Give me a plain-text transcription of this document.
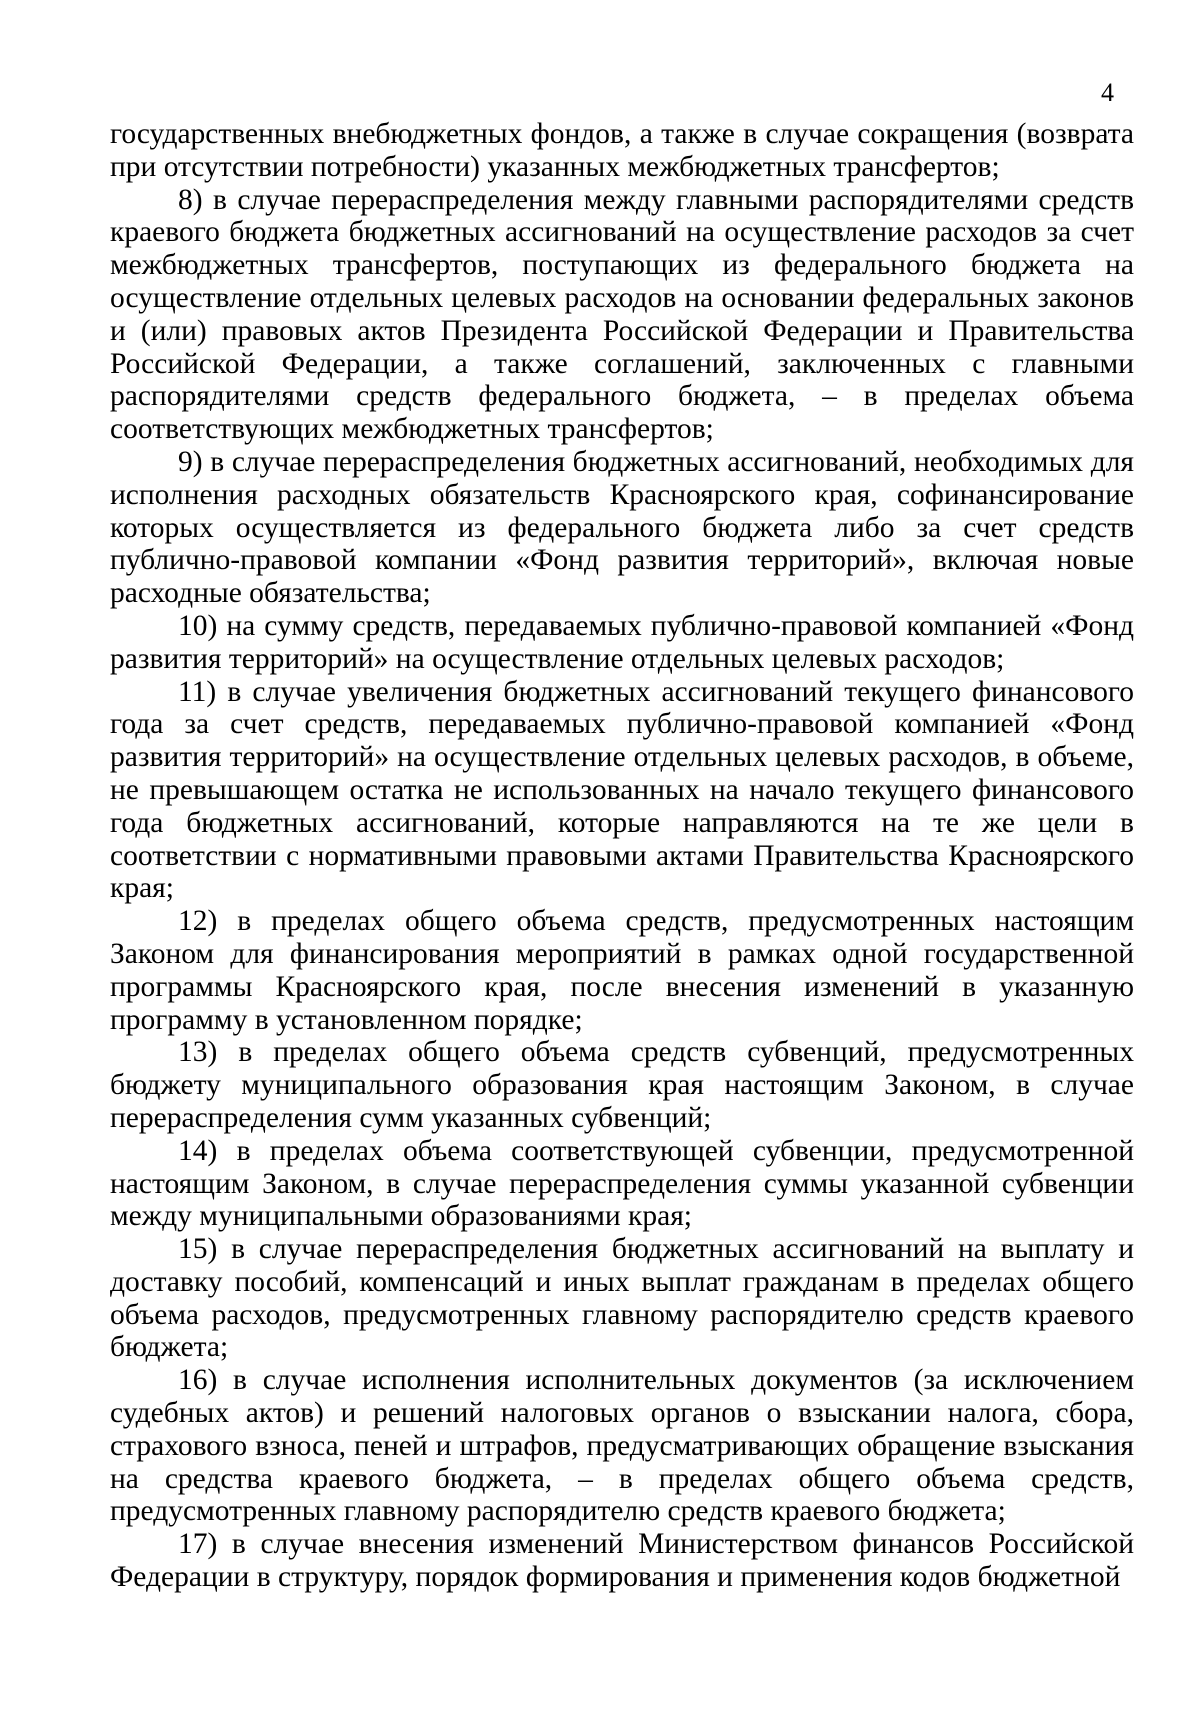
4

государственных внебюджетных фондов, а также в случае сокращения (возврата при отсутствии потребности) указанных межбюджетных трансфертов;

8) в случае перераспределения между главными распорядителями средств краевого бюджета бюджетных ассигнований на осуществление расходов за счет межбюджетных трансфертов, поступающих из федерального бюджета на осуществление отдельных целевых расходов на основании федеральных законов и (или) правовых актов Президента Российской Федерации и Правительства Российской Федерации, а также соглашений, заключенных с главными распорядителями средств федерального бюджета, – в пределах объема соответствующих межбюджетных трансфертов;

9) в случае перераспределения бюджетных ассигнований, необходимых для исполнения расходных обязательств Красноярского края, софинансирование которых осуществляется из федерального бюджета либо за счет средств публично-правовой компании «Фонд развития территорий», включая новые расходные обязательства;

10) на сумму средств, передаваемых публично-правовой компанией «Фонд развития территорий» на осуществление отдельных целевых расходов;

11) в случае увеличения бюджетных ассигнований текущего финансового года за счет средств, передаваемых публично-правовой компанией «Фонд развития территорий» на осуществление отдельных целевых расходов, в объеме, не превышающем остатка не использованных на начало текущего финансового года бюджетных ассигнований, которые направляются на те же цели в соответствии с нормативными правовыми актами Правительства Красноярского края;

12) в пределах общего объема средств, предусмотренных настоящим Законом для финансирования мероприятий в рамках одной государственной программы Красноярского края, после внесения изменений в указанную программу в установленном порядке;

13) в пределах общего объема средств субвенций, предусмотренных бюджету муниципального образования края настоящим Законом, в случае перераспределения сумм указанных субвенций;

14) в пределах объема соответствующей субвенции, предусмотренной настоящим Законом, в случае перераспределения суммы указанной субвенции между муниципальными образованиями края;

15) в случае перераспределения бюджетных ассигнований на выплату и доставку пособий, компенсаций и иных выплат гражданам в пределах общего объема расходов, предусмотренных главному распорядителю средств краевого бюджета;

16) в случае исполнения исполнительных документов (за исключением судебных актов) и решений налоговых органов о взыскании налога, сбора, страхового взноса, пеней и штрафов, предусматривающих обращение взыскания на средства краевого бюджета, – в пределах общего объема средств, предусмотренных главному распорядителю средств краевого бюджета;

17) в случае внесения изменений Министерством финансов Российской Федерации в структуру, порядок формирования и применения кодов бюджетной
